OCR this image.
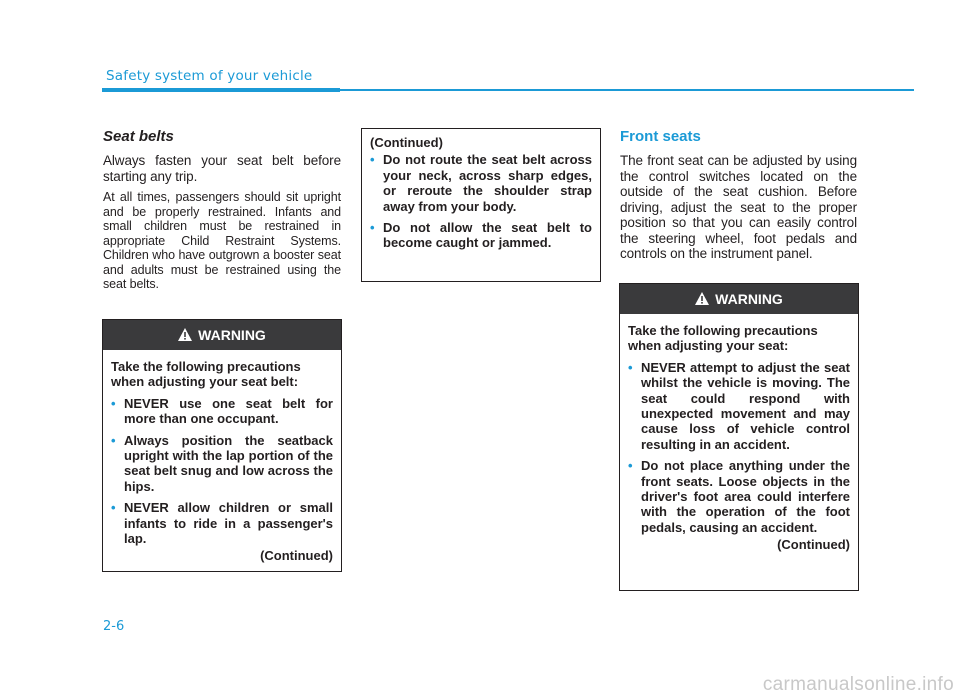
Safety system of your vehicle
Seat belts

Always fasten your seat belt before starting any trip.

At all times, passengers should sit upright and be properly restrained. Infants and small children must be restrained in appropriate Child Restraint Systems. Children who have outgrown a booster seat and adults must be restrained using the seat belts.

WARNING

Take the following precautions when adjusting your seat belt:

• NEVER use one seat belt for more than one occupant.
• Always position the seatback upright with the lap portion of the seat belt snug and low across the hips.
• NEVER allow children or small infants to ride in a passenger's lap.

(Continued)

(Continued)

• Do not route the seat belt across your neck, across sharp edges, or reroute the shoulder strap away from your body.
• Do not allow the seat belt to become caught or jammed.
Front seats

The front seat can be adjusted by using the control switches located on the outside of the seat cushion. Before driving, adjust the seat to the proper position so that you can easily control the steering wheel, foot pedals and controls on the instrument panel.

WARNING

Take the following precautions when adjusting your seat:

• NEVER attempt to adjust the seat whilst the vehicle is moving. The seat could respond with unexpected movement and may cause loss of vehicle control resulting in an accident.
• Do not place anything under the front seats. Loose objects in the driver's foot area could interfere with the operation of the foot pedals, causing an accident.

(Continued)

2-6
carmanualsonline.info
